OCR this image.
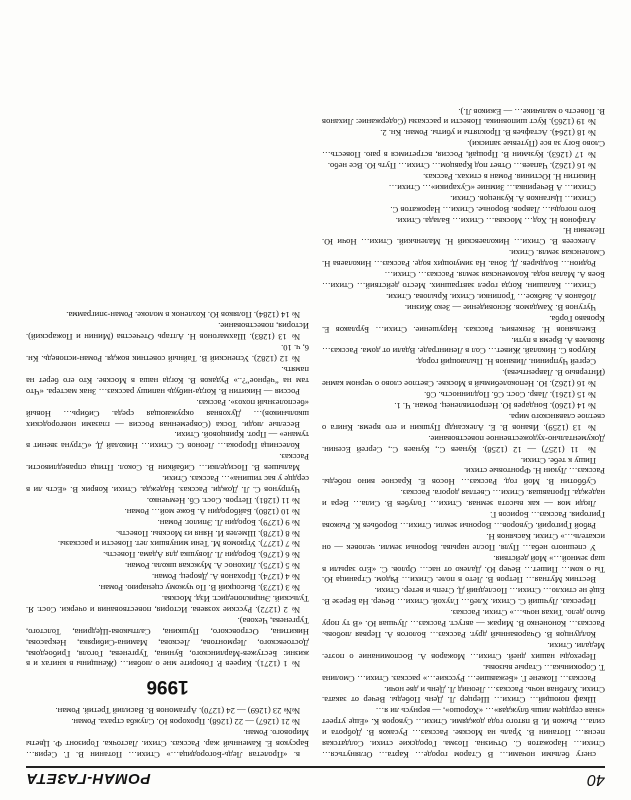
40
РОМАН-ГАЗЕТА

снегу белыми ночами… В Старом городе… Карта… Оглянуться… Стихи… Нарожатов С. Отчизна. Поэма. Городские стихи. Солдатская песня… Потанин В. Ураль на Москве. Рассказ… Русаков В. Доброта и сила… Рыжов И. В пятого года дождями. Стихи… Суворов К. «Еще утреет «зная сердцем лишь блуждая»… «Хорошо», — вернусь ли я…

Шкаф поющий… Стихи… Шерцер Л. День Победы. Вечер от заката. Стихи. Хлебная ночь. Рассказ… Леонид Л. День и две ночи.

Рассказ… Пожене Г. «Бежавшие… Русские…» рассказ. Стихи… Смолина Т. Сорокинька… Старые вызовы.

Переходы наших дней. Стихи… Можаров А. Воспоминание о поэте. Медали. Стихи.

Колдунцов В. Очарованный друг. Рассказ… Бологов А. Первая любовь. Рассказ… Кононенко В. Мираж — август. Рассказ… Лучшая Ю. «В ту пору было дело. Тихая ночь…» Стихи. Рассказ.

Пересказ. Лучший С. Стихи. Хлеб… Глухой. Стихи… Вечер. На Березе В. Ещё не стихло… Стихи… Последний Д. Степь и ветер. Стихи.

Вестник Мутная… Петров В. Лето в поле. Стихи… Рядом. Страница Ю. Ты о ком… Пишет… Вечер Ю. Далеко от нас… Орлов. С. «Его зарыли в шар земной…» Мой действия.

У спешного неба… Пуля. После нарыва. Вороньи земли. человек — он искатель…» Стихи. Касьянов Н.

Рябой Григорий. Суворов… Вороньи земли. Стихи… Воробьев К. Рыжова Григория. Рассказ… Борисов Г.

Люди моя — как высота земная. Стихи… Голубев В. Сила… Вера и надежда. Пропавшая. Стихи… Светлая дорога. Рассказ.

Субботин В. Мой год. Рассказ… Носов Е. Красное вино победы. Рассказ… Лукин Н. Фронтовые стихи.

Пишу к тебе. Стихи.

№ 11 (1257) — 12 (1258). Кунаев С., Кунаев С., Сергей Есенин. Документально-художественное повествование.

№ 13 (1259). Иванов В. Е. Александр Пушкин и его время. Книга о светлое славянского мира.

№ 14 (1260). Бондарев Ю. Непротивленец. Роман. Ч. 1.

№ 15 (1261). Лавр. Сост. Сб. Подлинность. Сб.

№ 16 (1262). Ю. Непоколебимый в Москве. Светлое слово о черном камне (Интервью В. Лаврентьева).

Сергей Чупринин. Ливанов Н. Пылающий город.

Кнуров С. Николай. Живет… Сол в Ленинграде. Вдали от дома. Рассказ… Яковлев А. Время в пути.

Емельянов Н. Зенкевич. Рассказ. Нарушение. Стихи… Бурлаков Е. Кроваво Горба.

Чугунов В. Хамдамов. Ясновидение — Зеко Жизни.

Лобанов А. Зыбкое… Тропинки. Стихи. Крылова. Стихи.

Стихи… Калашин. Когда горел завтрашних. Место действий… Стихи… Боев А. Малая вода. Коломенская земля. Рассказ… Стихи…

Родион… Болдырев. Д. Зона. На зимующих воде. Рассказ… Николаева Н. Смоленская земля. Стихи.

Алексеев В. Стихи… Николаевский Н. Маленький. Стихи… Ночи Ю. Пелевин Н.

Агафонов Н. Ход… Москва… Стихи… Балада. Стихи.

Бого погоды… Лавров. Воронье. Стихи… Нарожатов С.

Стихи… Цыганков А. Кузнецов. Стихи.

Стихи… А Вечеринка… Зимние «Сухарики»… Стихи…

Никитин Н. Юстиния. Роман в стихах. Рассказ.

№ 16 (1262). Чапаев… Ответ под Кравцом… Стихи… Путь Ю. Все небо.

№ 17 (1263). Кузьмин В. Прощай, Россия, встретимся в раю. Повесть… Слово Богу за все (Путевые записки).

№ 18 (1264). Астафьев В. Прокляты и убиты. Роман. Кн. 2.

№ 19 (1265). Куст шиповника. Повести и рассказы (Содержание: Лиханов В. Повесть о мальчике… — Ежиков Л.).

в. «Пролетая Ледь-Богородица…» Стихи… Потанин В. Г. Серия… Барсуков Е. Каменный жар. Рассказ. Стихи. Ласточка. Горизонт Ф. Цветы Мирового. Роман.

№ 21 (1267) — 22 (1268). Прохоров Ю. Служба страха. Роман.

№№ 23 (1269) — 24 (1270). Артамонов В. Василий Третий. Роман.

1996

№ 1 (1271). Киреев Р. Говорите мне о любви… (Женщины в книгах и в жизни: Бестужев-Марлинского, Бунина, Тургенева, Гоголя, Грибоедова, Достоевского, Лермонтова, Лескова, Мамина-Сибиряка, Некрасова, Никитина, Островского, Пушкина, Салтыкова-Щедрина, Толстого, Тургенева, Чехова).

№ 2 (1272). Русские хозяева. История, повествования и очерки. Сост. Я. Тульский. Энциклопедист. Изд. Москва.

№ 3 (1273). Высоцкий В. По чужому сценарию. Роман.

№ 4 (1274). Проханов А. Дворец. Роман.

№ 5 (1275). Лихонос А. Мужская школа. Роман.

№ 6 (1276). Бородин Л. Ловушка для Адама. Повесть.

№ 7 (1277). Угрюмов М. Тени минувших лет. Повести и рассказы.

№ 8 (1278). Шмелев И. Няня из Москвы. Повесть.

№ 9 (1279). Бородин Л. Эпилог. Роман.

№ 10 (1280). Байбородин А. Боже мой… Роман.

№ 11 (1281). Петров. Сост. Сб. Немченко.

Чупрунов С. Л. Дожди. Рассказ. Надежда. Стихи. Коврик В. «Есть ли в сердце у вас тишина»… Рассказ. Стихи.

Малышев В. Посиделки… Сибайкин В. Сокол. Птица справедливости. Рассказ.

Колесница Пророка… Леонов С. Стихи… Николай Д. «Струна звенит в тумане» — Прот. Кривцовой. Стихи.

Веселые люди. Тоска (Современная Россия — глазами новгородских школьников)… Духовная окружающая среда. Сибирь… Новый «бесполезный похоз». Рассказ.

Россия — Никитин В. Когда-нибудь напишу рассказ… Знак мастера. «Что там на “чёрное”?..» Рудаков В. Когда наша в Москве. Кто его берет на память.

№ 12 (1282). Успенский В. Тайный советник вождя. Роман-исповедь. Кн. 6, ч. 10.

№ 13 (1283). Шахмагонов Н. Алтарь Отечества (Минин и Пожарский). История, повествование.

№ 14 (1284). Поляков Ю. Козленок в молоке. Роман-эпиграмма.
